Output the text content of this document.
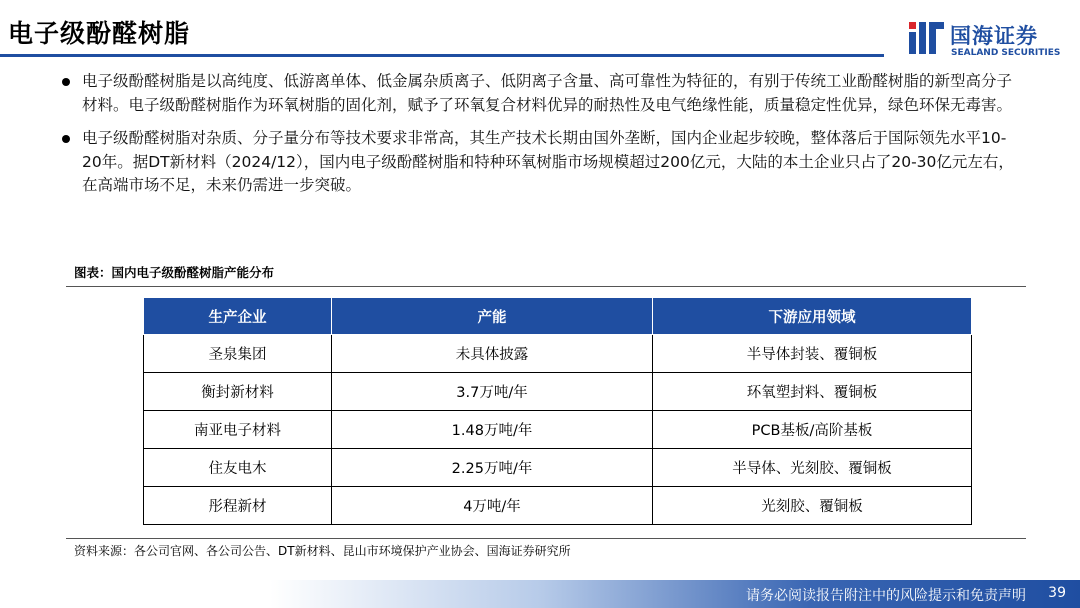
电子级酚醛树脂	国海证券
SEALAND SECURITIES
电子级酚醛树脂是以高纯度、低游离单体、低金属杂质离子、低阴离子含量、高可靠性为特征的，有别于传统工业酚醛树脂的新型高分子材料。电子级酚醛树脂作为环氧树脂的固化剂，赋予了环氧复合材料优异的耐热性及电气绝缘性能，质量稳定性优异，绿色环保无毒害。
电子级酚醛树脂对杂质、分子量分布等技术要求非常高，其生产技术长期由国外垄断，国内企业起步较晚，整体落后于国际领先水平10-20年。据DT新材料（2024/12），国内电子级酚醛树脂和特种环氧树脂市场规模超过200亿元，大陆的本土企业只占了20-30亿元左右，在高端市场不足，未来仍需进一步突破。
图表：国内电子级酚醛树脂产能分布
生产企业	产能	下游应用领域
圣泉集团	未具体披露	半导体封装、覆铜板
衡封新材料	3.7万吨/年	环氧塑封料、覆铜板
南亚电子材料	1.48万吨/年	PCB基板/高阶基板
住友电木	2.25万吨/年	半导体、光刻胶、覆铜板
彤程新材	4万吨/年	光刻胶、覆铜板
资料来源：各公司官网、各公司公告、DT新材料、昆山市环境保护产业协会、国海证券研究所
请务必阅读报告附注中的风险提示和免责声明 39
